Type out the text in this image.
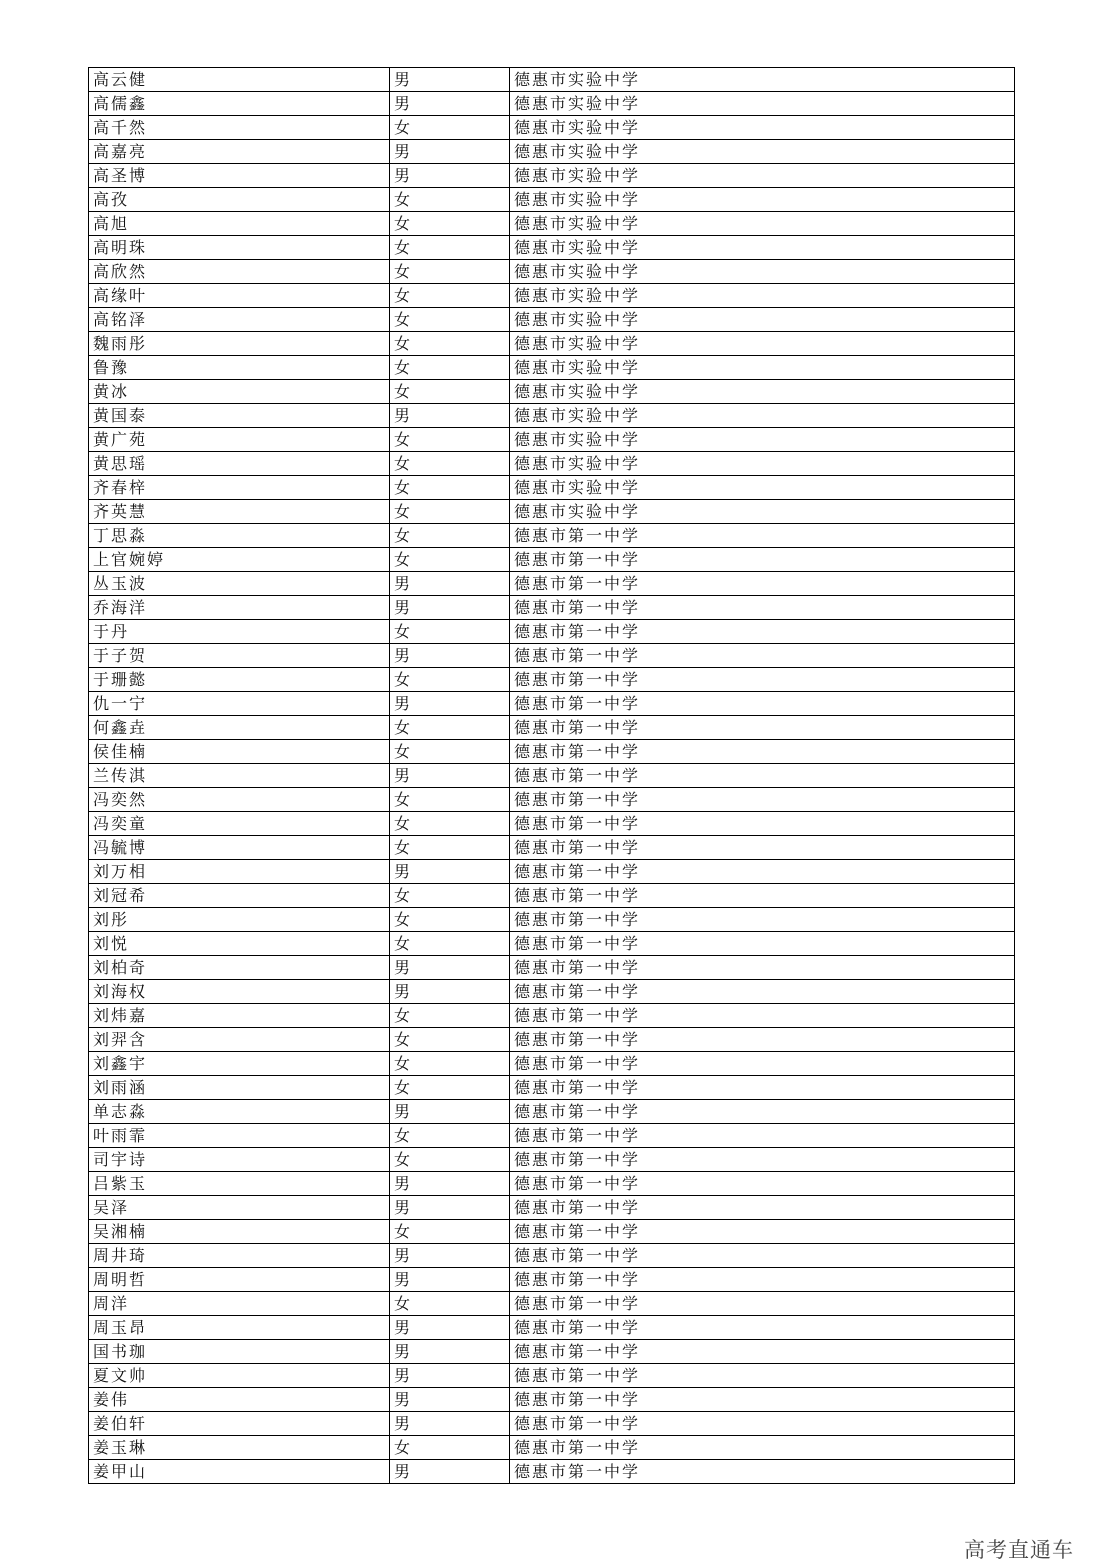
高云健	男	德惠市实验中学
高儒鑫	男	德惠市实验中学
高千然	女	德惠市实验中学
高嘉亮	男	德惠市实验中学
高圣博	男	德惠市实验中学
高孜	女	德惠市实验中学
高旭	女	德惠市实验中学
高明珠	女	德惠市实验中学
高欣然	女	德惠市实验中学
高缘叶	女	德惠市实验中学
高铭泽	女	德惠市实验中学
魏雨彤	女	德惠市实验中学
鲁豫	女	德惠市实验中学
黄冰	女	德惠市实验中学
黄国泰	男	德惠市实验中学
黄广苑	女	德惠市实验中学
黄思瑶	女	德惠市实验中学
齐春梓	女	德惠市实验中学
齐英慧	女	德惠市实验中学
丁思淼	女	德惠市第一中学
上官婉婷	女	德惠市第一中学
丛玉波	男	德惠市第一中学
乔海洋	男	德惠市第一中学
于丹	女	德惠市第一中学
于子贺	男	德惠市第一中学
于珊懿	女	德惠市第一中学
仇一宁	男	德惠市第一中学
何鑫垚	女	德惠市第一中学
侯佳楠	女	德惠市第一中学
兰传淇	男	德惠市第一中学
冯奕然	女	德惠市第一中学
冯奕童	女	德惠市第一中学
冯毓博	女	德惠市第一中学
刘万相	男	德惠市第一中学
刘冠希	女	德惠市第一中学
刘彤	女	德惠市第一中学
刘悦	女	德惠市第一中学
刘柏奇	男	德惠市第一中学
刘海权	男	德惠市第一中学
刘炜嘉	女	德惠市第一中学
刘羿含	女	德惠市第一中学
刘鑫宇	女	德惠市第一中学
刘雨涵	女	德惠市第一中学
单志淼	男	德惠市第一中学
叶雨霏	女	德惠市第一中学
司宇诗	女	德惠市第一中学
吕紫玉	男	德惠市第一中学
吴泽	男	德惠市第一中学
吴湘楠	女	德惠市第一中学
周井琦	男	德惠市第一中学
周明哲	男	德惠市第一中学
周洋	女	德惠市第一中学
周玉昂	男	德惠市第一中学
国书珈	男	德惠市第一中学
夏文帅	男	德惠市第一中学
姜伟	男	德惠市第一中学
姜伯轩	男	德惠市第一中学
姜玉琳	女	德惠市第一中学
姜甲山	男	德惠市第一中学
高考直通车
